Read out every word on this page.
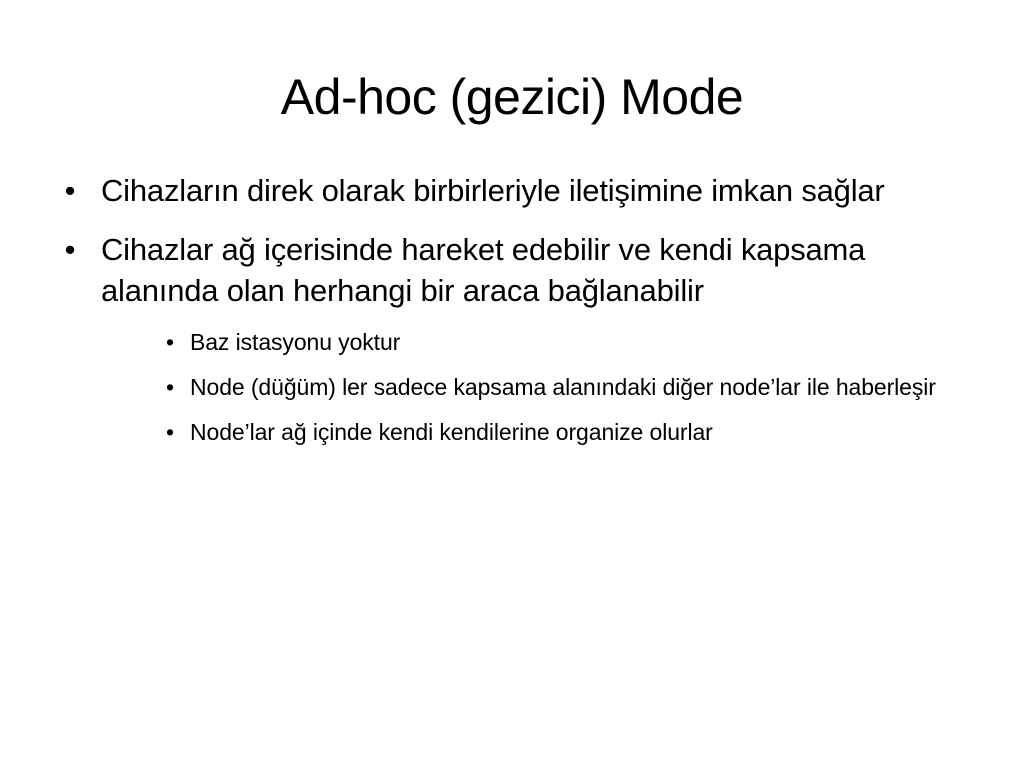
Ad-hoc (gezici) Mode
• Cihazların direk olarak birbirleriyle iletişimine imkan sağlar
• Cihazlar ağ içerisinde hareket edebilir ve kendi kapsama alanında olan herhangi bir araca bağlanabilir
• Baz istasyonu yoktur
• Node (düğüm) ler sadece kapsama alanındaki diğer node’lar ile haberleşir
• Node’lar ağ içinde kendi kendilerine organize olurlar
